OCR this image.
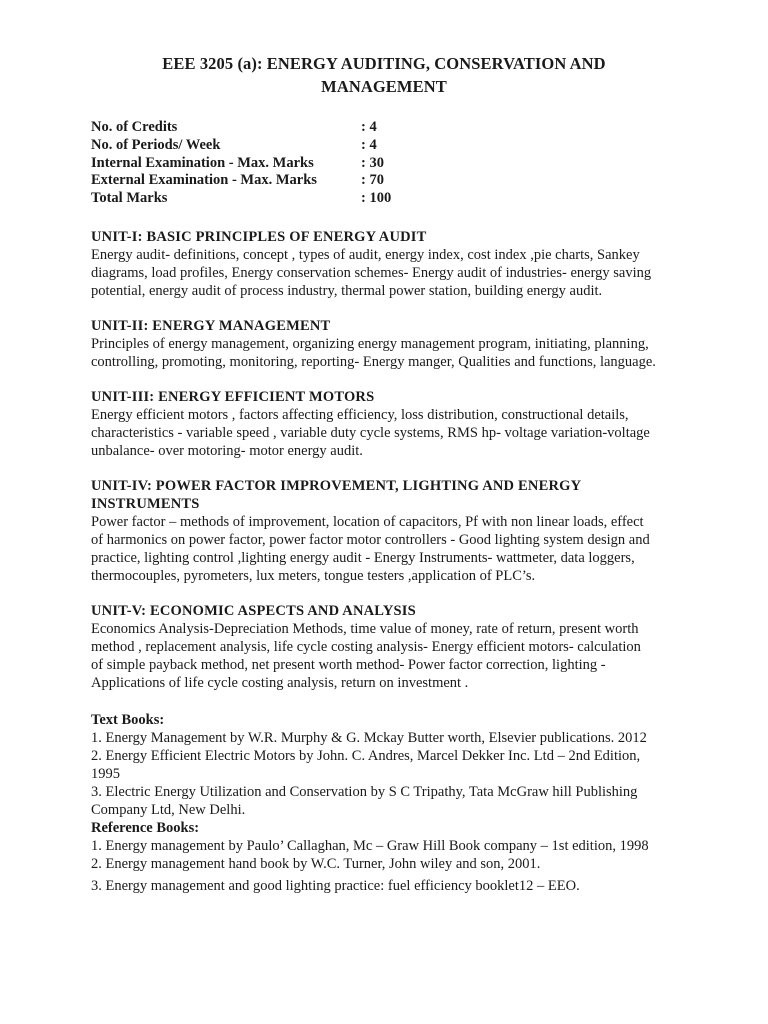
EEE 3205 (a): ENERGY AUDITING, CONSERVATION AND
MANAGEMENT
No. of Credits	: 4
No. of Periods/ Week	: 4
Internal Examination - Max. Marks	: 30
External Examination - Max. Marks	: 70
Total Marks	: 100
UNIT-I: BASIC PRINCIPLES OF ENERGY AUDIT

Energy audit- definitions, concept , types of audit, energy index, cost index ,pie charts, Sankey

diagrams, load profiles, Energy conservation schemes- Energy audit of industries- energy saving

potential, energy audit of process industry, thermal power station, building energy audit.

UNIT-II: ENERGY MANAGEMENT

Principles of energy management, organizing energy management program, initiating, planning,

controlling, promoting, monitoring, reporting- Energy manger, Qualities and functions, language.

UNIT-III: ENERGY EFFICIENT MOTORS

Energy efficient motors , factors affecting efficiency, loss distribution, constructional details,

characteristics - variable speed , variable duty cycle systems, RMS hp- voltage variation-voltage

unbalance- over motoring- motor energy audit.

UNIT-IV: POWER FACTOR IMPROVEMENT, LIGHTING AND ENERGY
INSTRUMENTS

Power factor – methods of improvement, location of capacitors, Pf with non linear loads, effect

of harmonics on power factor, power factor motor controllers - Good lighting system design and

practice, lighting control ,lighting energy audit - Energy Instruments- wattmeter, data loggers,

thermocouples, pyrometers, lux meters, tongue testers ,application of PLC’s.

UNIT-V: ECONOMIC ASPECTS AND ANALYSIS

Economics Analysis-Depreciation Methods, time value of money, rate of return, present worth

method , replacement analysis, life cycle costing analysis- Energy efficient motors- calculation

of simple payback method, net present worth method- Power factor correction, lighting -

Applications of life cycle costing analysis, return on investment .

Text Books:

1. Energy Management by W.R. Murphy & G. Mckay Butter worth, Elsevier publications. 2012

2. Energy Efficient Electric Motors by John. C. Andres, Marcel Dekker Inc. Ltd – 2nd Edition,

1995

3. Electric Energy Utilization and Conservation by S C Tripathy, Tata McGraw hill Publishing

Company Ltd, New Delhi.

Reference Books:

1. Energy management by Paulo’ Callaghan, Mc – Graw Hill Book company – 1st edition, 1998

2. Energy management hand book by W.C. Turner, John wiley and son, 2001.

3. Energy management and good lighting practice: fuel efficiency booklet12 – EEO.
